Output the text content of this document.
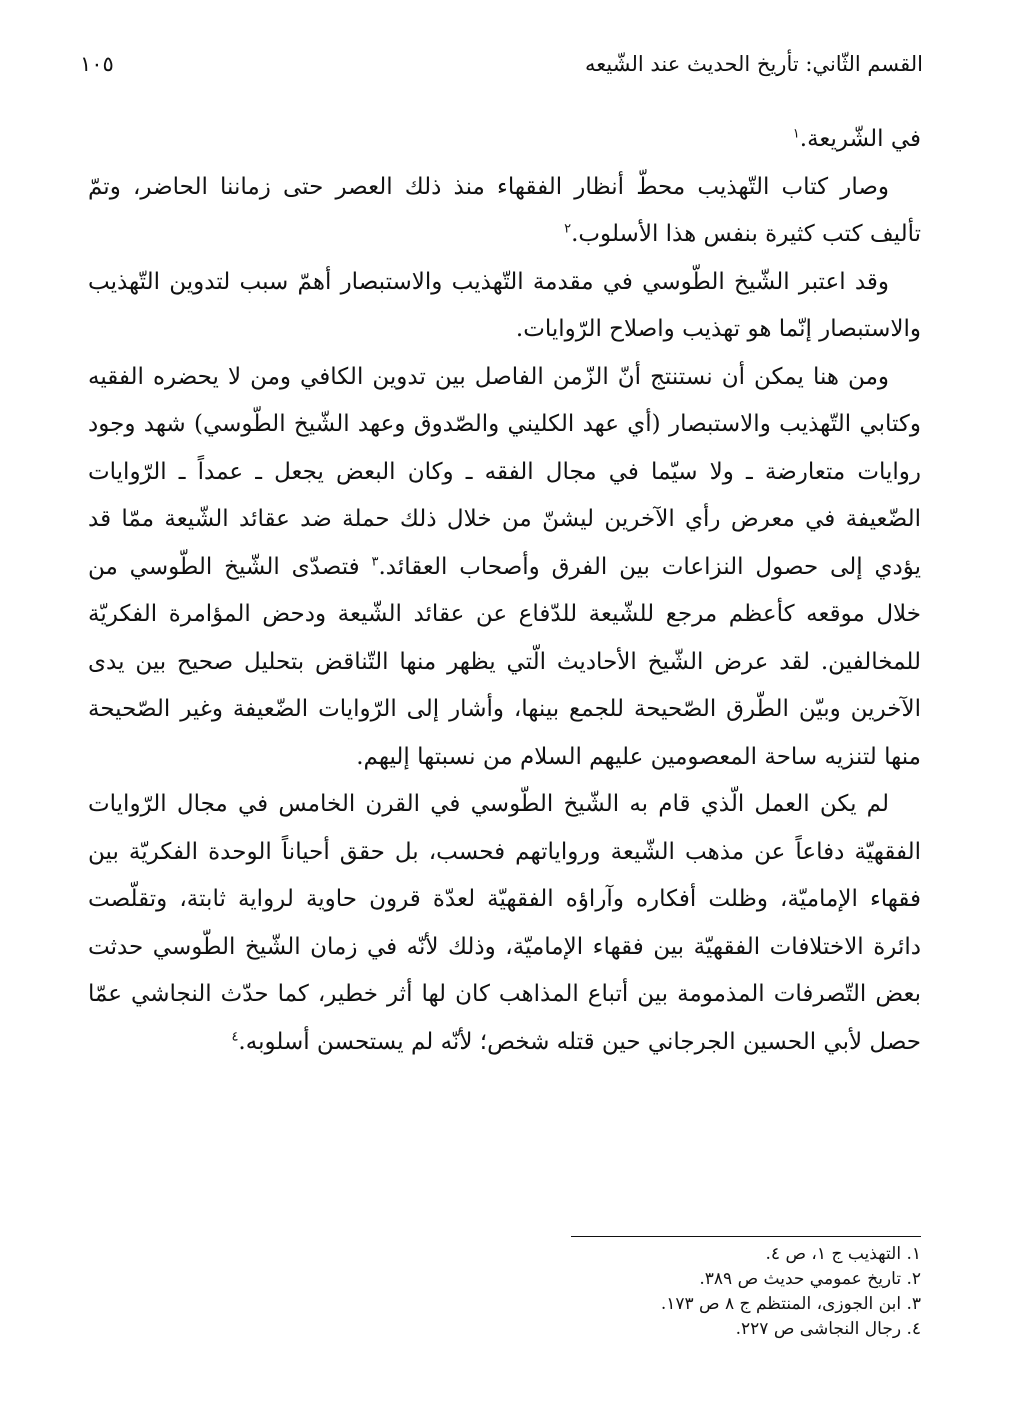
القسم الثّاني: تأريخ الحديث عند الشّيعه
١٠٥

في الشّريعة.$^١$

وصار كتاب التّهذيب محطّ أنظار الفقهاء منذ ذلك العصر حتى زماننا الحاضر، وتمّ تأليف كتب كثيرة بنفس هذا الأسلوب.$^٢$

وقد اعتبر الشّيخ الطّوسي في مقدمة التّهذيب والاستبصار أهمّ سبب لتدوين التّهذيب والاستبصار إنّما هو تهذيب واصلاح الرّوايات.

ومن هنا يمكن أن نستنتج أنّ الزّمن الفاصل بين تدوين الكافي ومن لا يحضره الفقيه وكتابي التّهذيب والاستبصار (أي عهد الكليني والصّدوق وعهد الشّيخ الطّوسي) شهد وجود روايات متعارضة ـ ولا سيّما في مجال الفقه ـ وكان البعض يجعل ـ عمداً ـ الرّوايات الضّعيفة في معرض رأي الآخرين ليشنّ من خلال ذلك حملة ضد عقائد الشّيعة ممّا قد يؤدي إلى حصول النزاعات بين الفرق وأصحاب العقائد.$^٣$ فتصدّى الشّيخ الطّوسي من خلال موقعه كأعظم مرجع للشّيعة للدّفاع عن عقائد الشّيعة ودحض المؤامرة الفكريّة للمخالفين. لقد عرض الشّيخ الأحاديث الّتي يظهر منها التّناقض بتحليل صحيح بين يدى الآخرين وبيّن الطّرق الصّحيحة للجمع بينها، وأشار إلى الرّوايات الضّعيفة وغير الصّحيحة منها لتنزيه ساحة المعصومين عليهم السلام من نسبتها إليهم.

لم يكن العمل الّذي قام به الشّيخ الطّوسي في القرن الخامس في مجال الرّوايات الفقهيّة دفاعاً عن مذهب الشّيعة ورواياتهم فحسب، بل حقق أحياناً الوحدة الفكريّة بين فقهاء الإماميّة، وظلت أفكاره وآراؤه الفقهيّة لعدّة قرون حاوية لرواية ثابتة، وتقلّصت دائرة الاختلافات الفقهيّة بين فقهاء الإماميّة، وذلك لأنّه في زمان الشّيخ الطّوسي حدثت بعض التّصرفات المذمومة بين أتباع المذاهب كان لها أثر خطير، كما حدّث النجاشي عمّا حصل لأبي الحسين الجرجاني حين قتله شخص؛ لأنّه لم يستحسن أسلوبه.$^٤$

١. التهذيب ج ١، ص ٤.
٢. تاريخ عمومي حديث ص ٣٨٩.
٣. ابن الجوزى، المنتظم ج ٨ ص ١٧٣.
٤. رجال النجاشى ص ٢٢٧.
